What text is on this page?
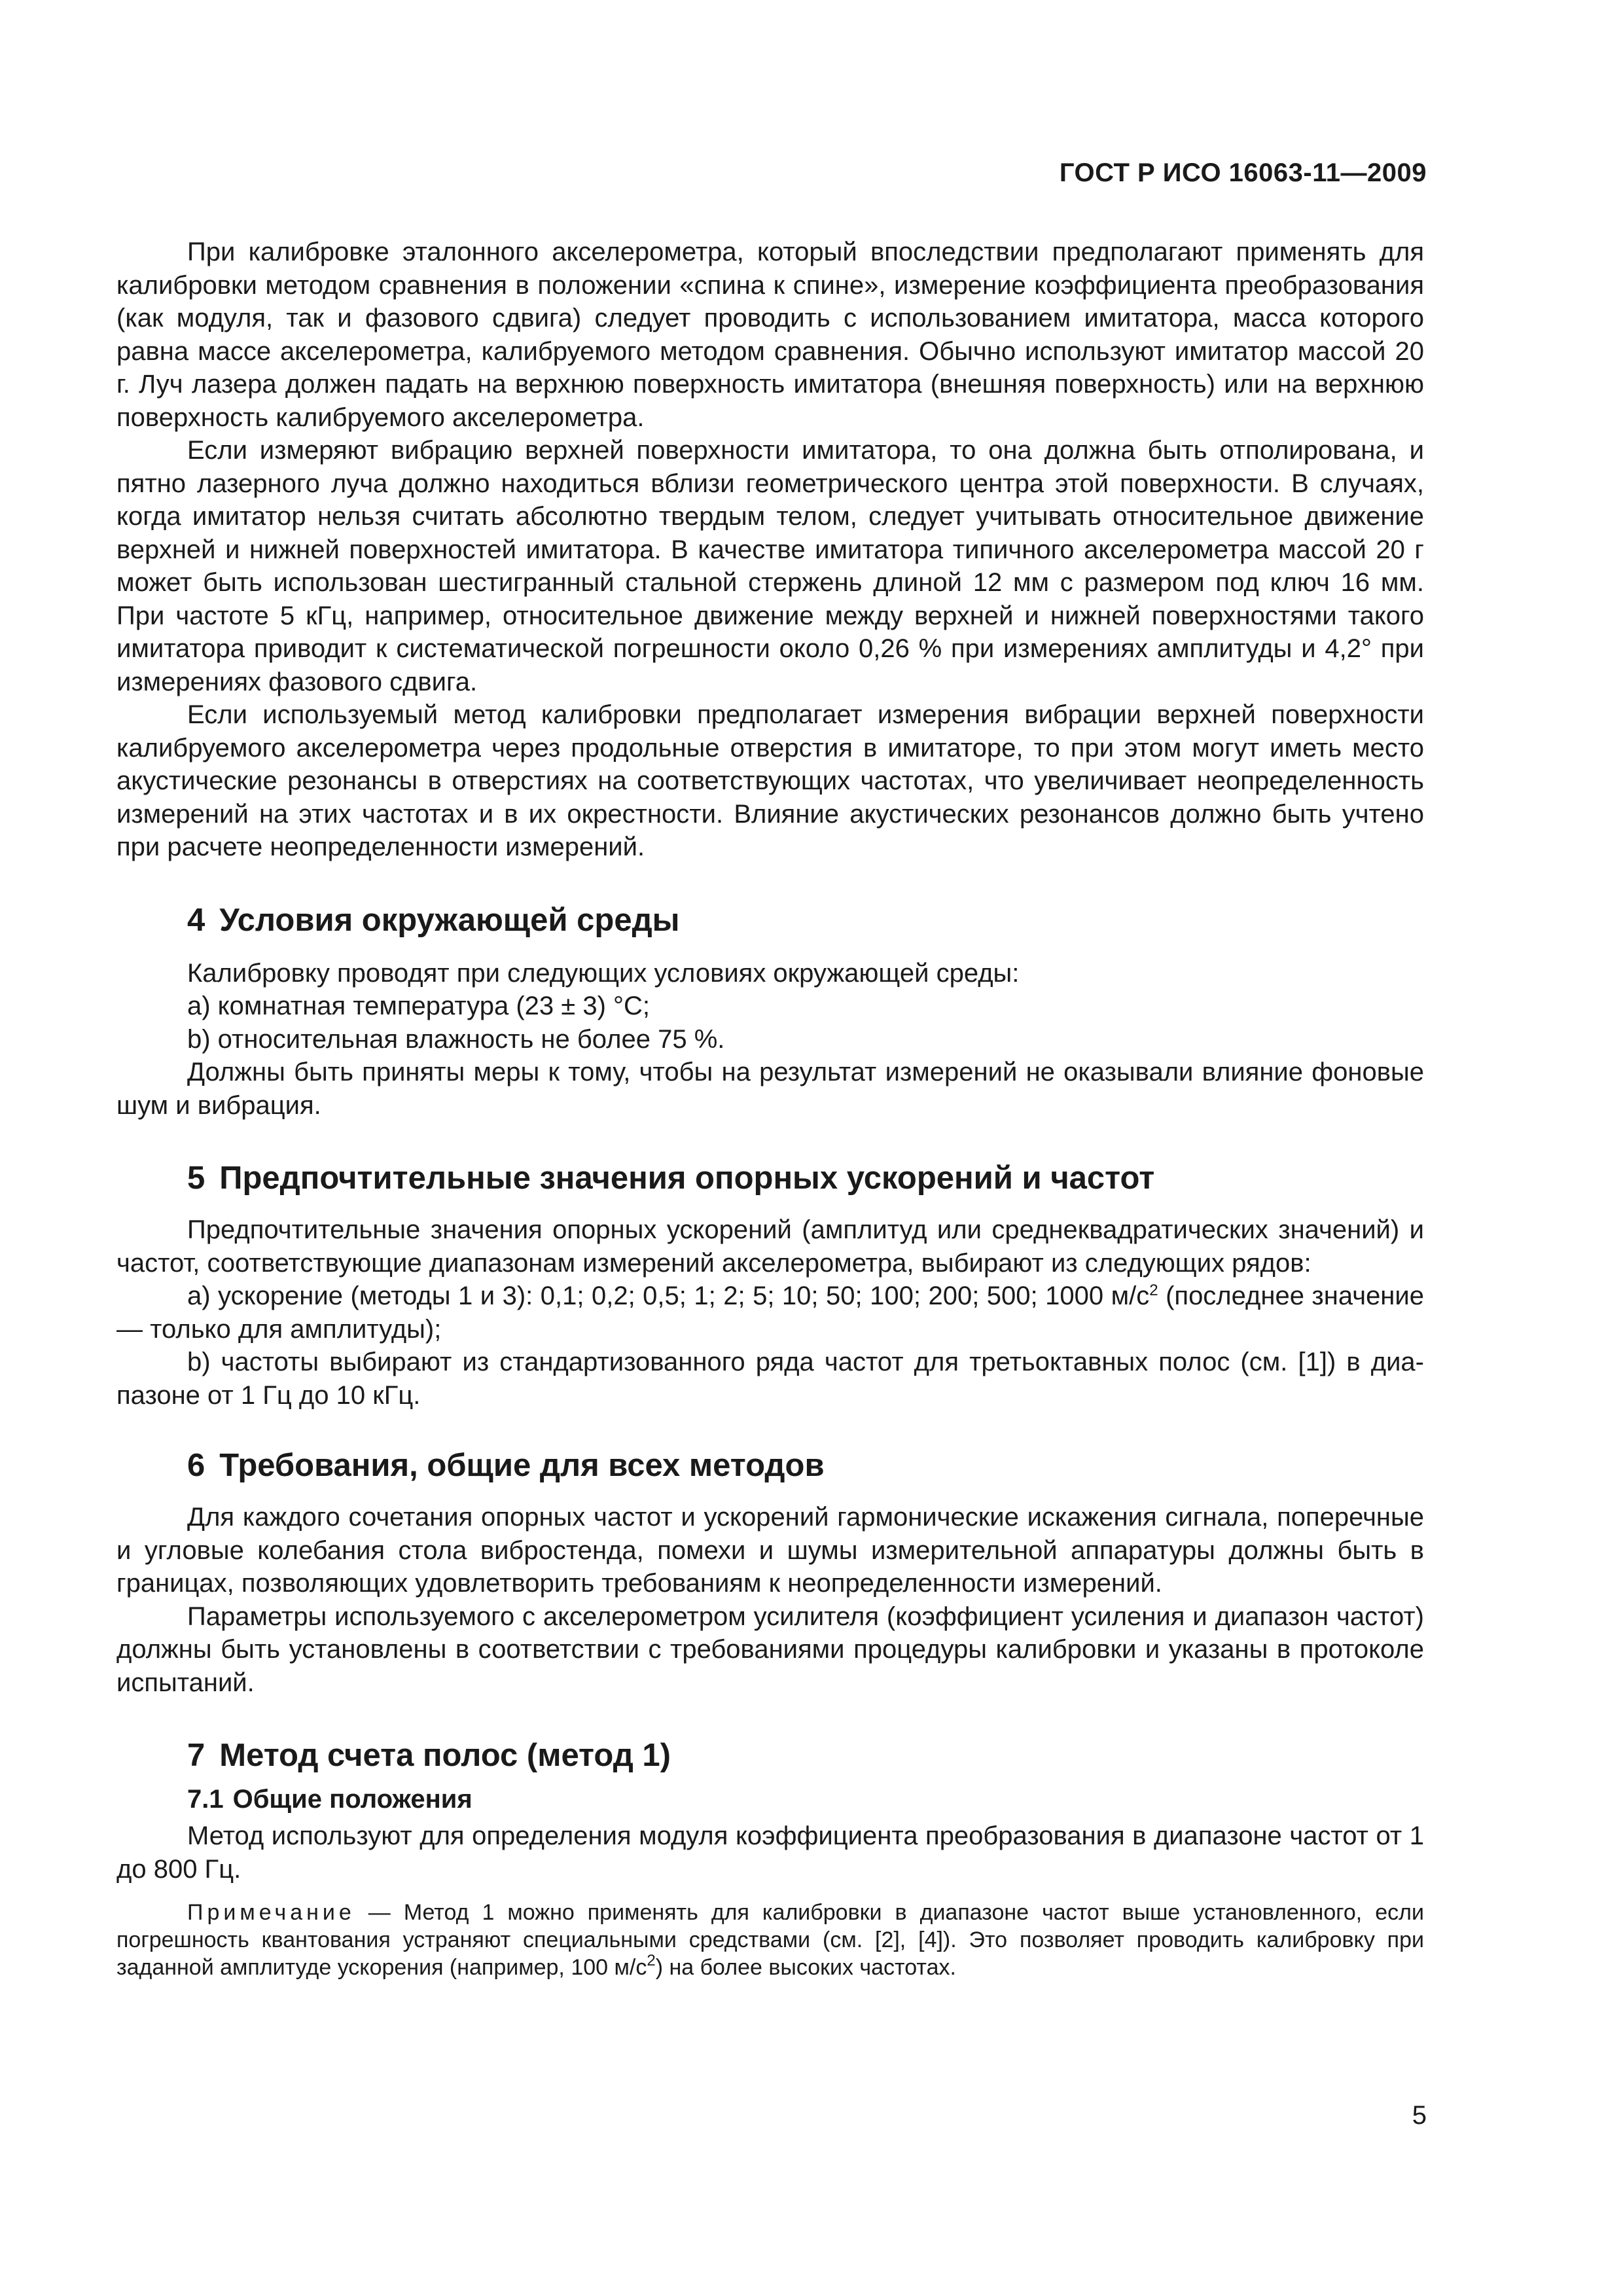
ГОСТ Р ИСО 16063-11—2009

При калибровке эталонного акселерометра, который впоследствии предполагают применять для калибровки методом сравнения в положении «спина к спине», измерение коэффициента преобразования (как модуля, так и фазового сдвига) следует проводить с использованием имитатора, масса которого равна массе акселерометра, калибруемого методом сравнения. Обычно используют имитатор массой 20 г. Луч лазера должен падать на верхнюю поверхность имитатора (внешняя поверхность) или на верхнюю поверхность калибруемого акселерометра.

Если измеряют вибрацию верхней поверхности имитатора, то она должна быть отполирована, и пятно лазерного луча должно находиться вблизи геометрического центра этой поверхности. В случаях, когда имитатор нельзя считать абсолютно твердым телом, следует учитывать относительное движение верхней и нижней поверхностей имитатора. В качестве имитатора типичного акселерометра массой 20 г может быть использован шестигранный стальной стержень длиной 12 мм с размером под ключ 16 мм. При частоте 5 кГц, например, относительное движение между верхней и нижней поверхностями такого имитатора приводит к систематической погрешности около 0,26 % при измерениях амплитуды и 4,2° при измерениях фазового сдвига.

Если используемый метод калибровки предполагает измерения вибрации верхней поверхности калибруемого акселерометра через продольные отверстия в имитаторе, то при этом могут иметь место акустические резонансы в отверстиях на соответствующих частотах, что увеличивает неопределенность измерений на этих частотах и в их окрестности. Влияние акустических резонансов должно быть учтено при расчете неопределенности измерений.

4 Условия окружающей среды

Калибровку проводят при следующих условиях окружающей среды:

а) комнатная температура (23 ± 3) °С;

b) относительная влажность не более 75 %.

Должны быть приняты меры к тому, чтобы на результат измерений не оказывали влияние фоновые шум и вибрация.

5 Предпочтительные значения опорных ускорений и частот

Предпочтительные значения опорных ускорений (амплитуд или среднеквадратических значений) и частот, соответствующие диапазонам измерений акселерометра, выбирают из следующих рядов:

а) ускорение (методы 1 и 3): 0,1; 0,2; 0,5; 1; 2; 5; 10; 50; 100; 200; 500; 1000 $м/с^2$ (последнее значение — только для амплитуды);

b) частоты выбирают из стандартизованного ряда частот для третьоктавных полос (см. [1]) в диапазоне от 1 Гц до 10 кГц.

6 Требования, общие для всех методов

Для каждого сочетания опорных частот и ускорений гармонические искажения сигнала, поперечные и угловые колебания стола вибростенда, помехи и шумы измерительной аппаратуры должны быть в границах, позволяющих удовлетворить требованиям к неопределенности измерений.

Параметры используемого с акселерометром усилителя (коэффициент усиления и диапазон частот) должны быть установлены в соответствии с требованиями процедуры калибровки и указаны в протоколе испытаний.

7 Метод счета полос (метод 1)
7.1 Общие положения

Метод используют для определения модуля коэффициента преобразования в диапазоне частот от 1 до 800 Гц.

Примечание — Метод 1 можно применять для калибровки в диапазоне частот выше установленного, если погрешность квантования устраняют специальными средствами (см. [2], [4]). Это позволяет проводить калибровку при заданной амплитуде ускорения (например, 100 $м/с^2$) на более высоких частотах.

5
